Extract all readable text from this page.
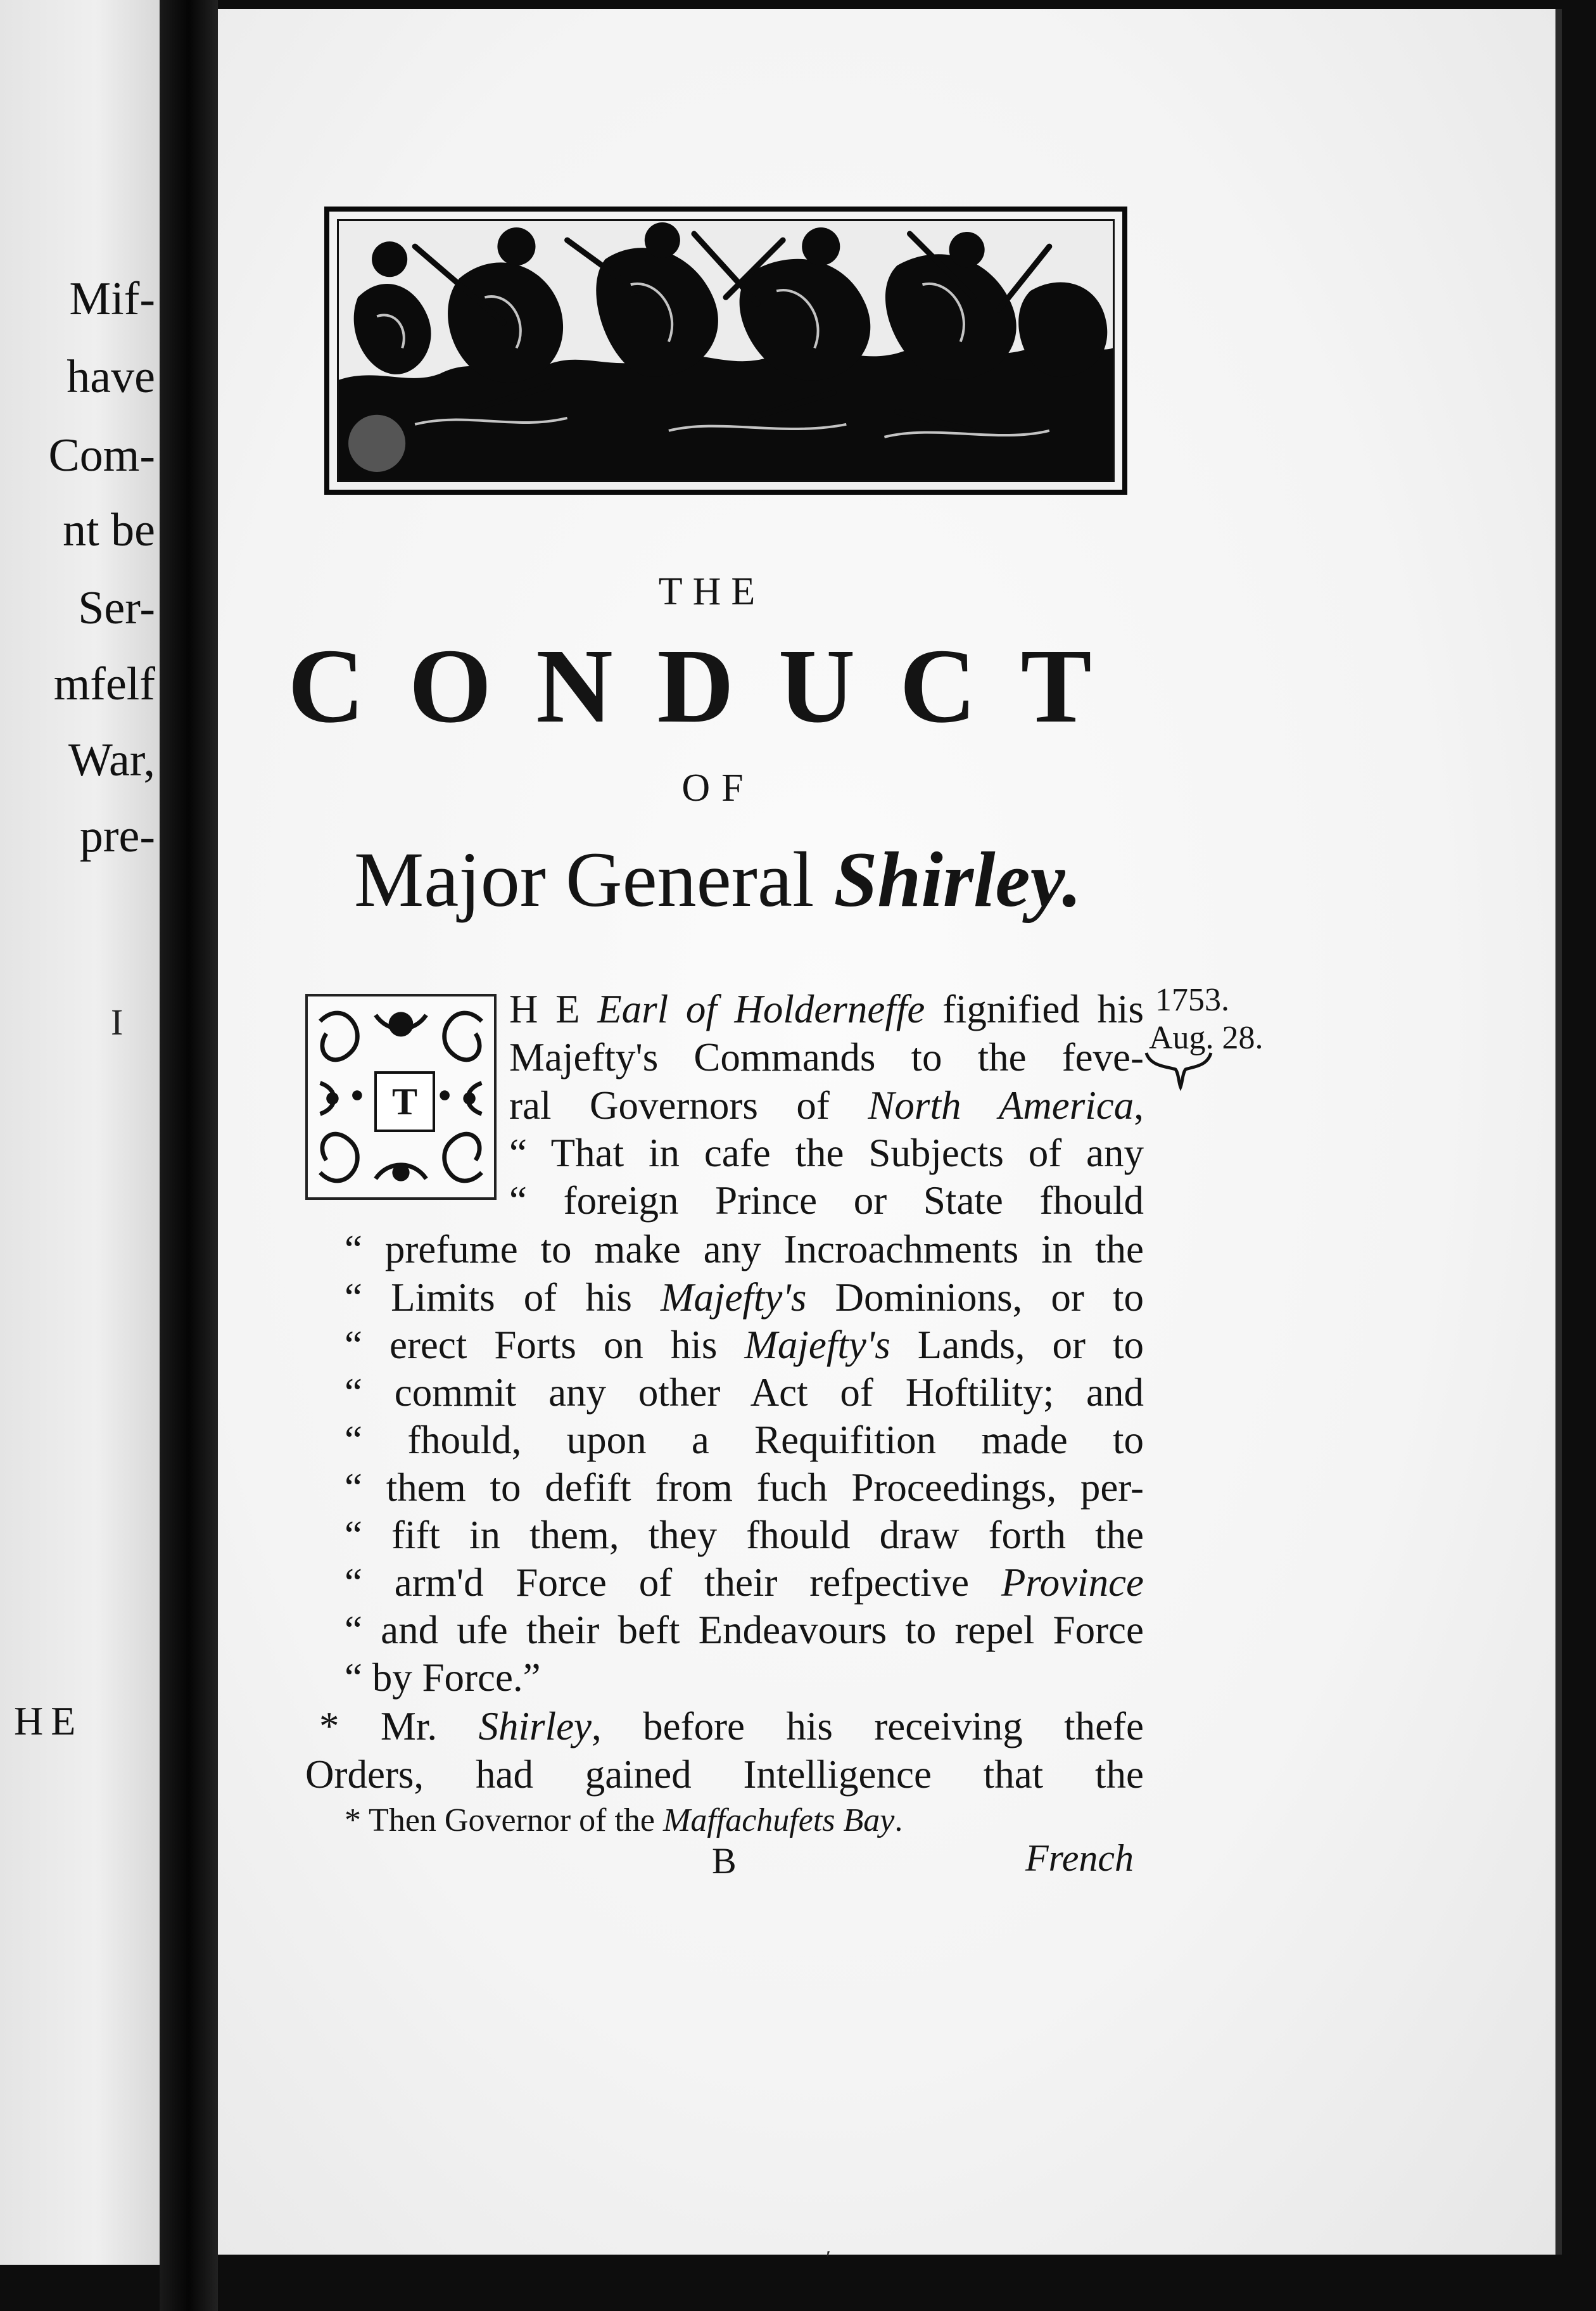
Mif-
have
Com-
nt be
Ser-
mfelf
War,
pre-
I
HE
THE
CONDUCT
OF
Major General Shirley.
T
1753.
Aug. 28.
* Then Governor of the Maffachufets Bay.
B	French
′
H E Earl of Holderneffe fignified his
Majefty's Commands to the feve-
ral Governors of North America,
“ That in cafe the Subjects of any
“ foreign Prince or State fhould
“ prefume to make any Incroachments in the
“ Limits of his Majefty's Dominions, or to
“ erect Forts on his Majefty's Lands, or to
“ commit any other Act of Hoftility; and
“ fhould, upon a Requifition made to
“ them to defift from fuch Proceedings, per-
“ fift in them, they fhould draw forth the
“ arm'd Force of their refpective Province
“ and ufe their beft Endeavours to repel Force
“ by Force.”
* Mr. Shirley, before his receiving thefe
Orders, had gained Intelligence that the
